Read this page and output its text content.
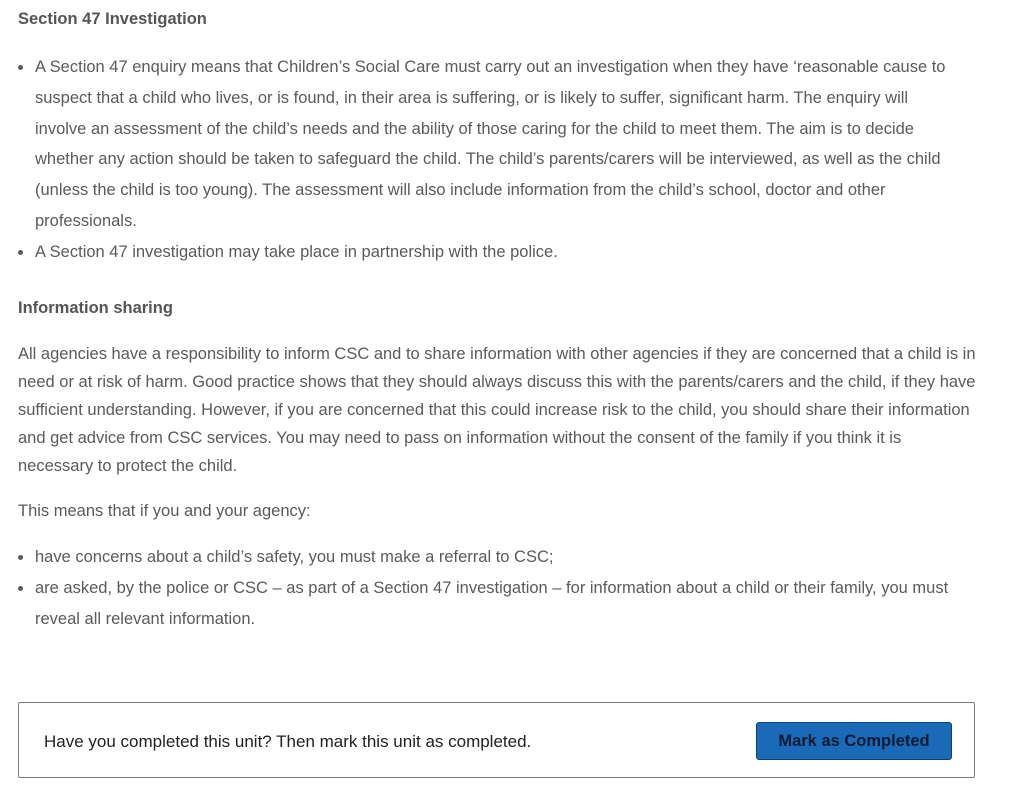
Section 47 Investigation
A Section 47 enquiry means that Children’s Social Care must carry out an investigation when they have ‘reasonable cause to suspect that a child who lives, or is found, in their area is suffering, or is likely to suffer, significant harm. The enquiry will involve an assessment of the child’s needs and the ability of those caring for the child to meet them. The aim is to decide whether any action should be taken to safeguard the child. The child’s parents/carers will be interviewed, as well as the child (unless the child is too young). The assessment will also include information from the child’s school, doctor and other professionals.
A Section 47 investigation may take place in partnership with the police.
Information sharing

All agencies have a responsibility to inform CSC and to share information with other agencies if they are concerned that a child is in need or at risk of harm. Good practice shows that they should always discuss this with the parents/carers and the child, if they have sufficient understanding. However, if you are concerned that this could increase risk to the child, you should share their information and get advice from CSC services. You may need to pass on information without the consent of the family if you think it is necessary to protect the child.

This means that if you and your agency:

have concerns about a child’s safety, you must make a referral to CSC;
are asked, by the police or CSC – as part of a Section 47 investigation – for information about a child or their family, you must reveal all relevant information.
Have you completed this unit? Then mark this unit as completed.	Mark as Completed
